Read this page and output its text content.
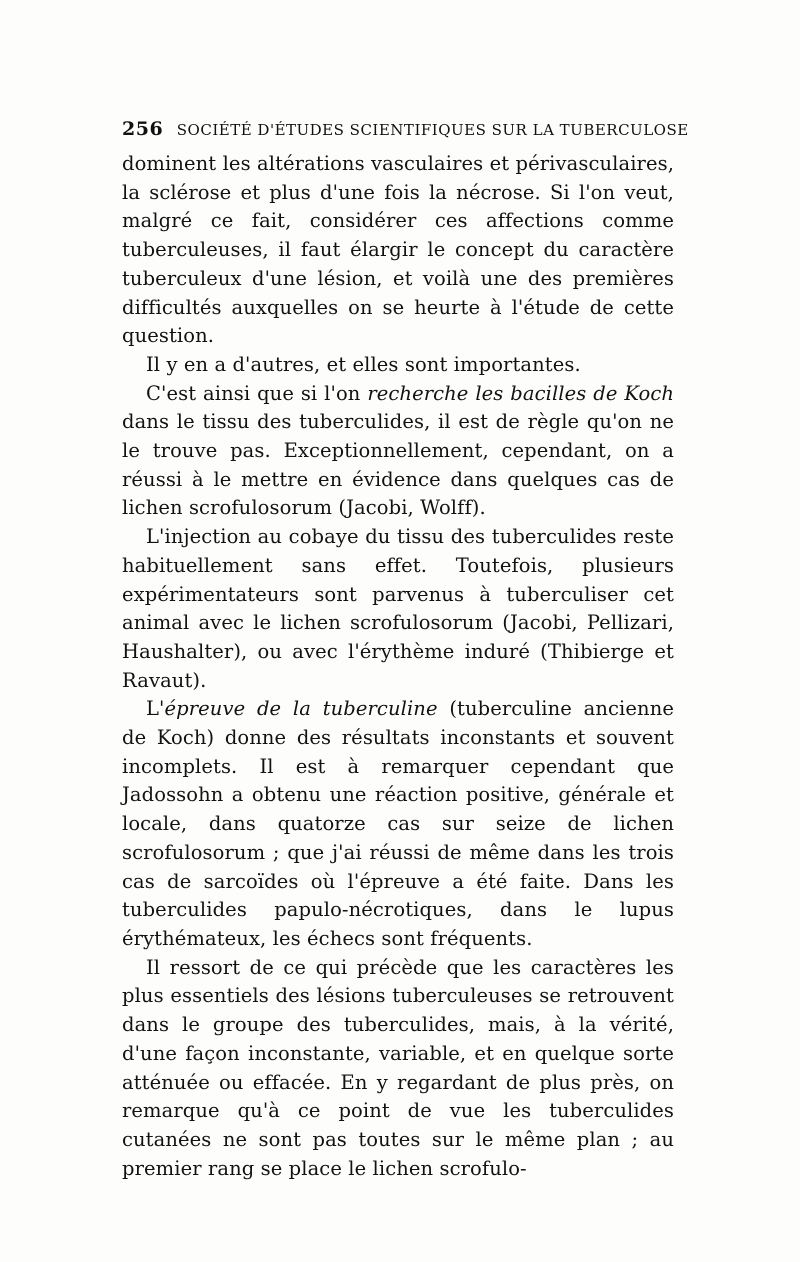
256 SOCIÉTÉ D'ÉTUDES SCIENTIFIQUES SUR LA TUBERCULOSE

dominent les altérations vasculaires et périvasculaires, la sclérose et plus d'une fois la nécrose. Si l'on veut, malgré ce fait, considérer ces affections comme tuberculeuses, il faut élargir le concept du caractère tuberculeux d'une lésion, et voilà une des premières difficultés auxquelles on se heurte à l'étude de cette question.

Il y en a d'autres, et elles sont importantes.

C'est ainsi que si l'on recherche les bacilles de Koch dans le tissu des tuberculides, il est de règle qu'on ne le trouve pas. Exceptionnellement, cependant, on a réussi à le mettre en évidence dans quelques cas de lichen scrofulosorum (Jacobi, Wolff).

L'injection au cobaye du tissu des tuberculides reste habituellement sans effet. Toutefois, plusieurs expérimentateurs sont parvenus à tuberculiser cet animal avec le lichen scrofulosorum (Jacobi, Pellizari, Haushalter), ou avec l'érythème induré (Thibierge et Ravaut).

L'épreuve de la tuberculine (tuberculine ancienne de Koch) donne des résultats inconstants et souvent incomplets. Il est à remarquer cependant que Jadossohn a obtenu une réaction positive, générale et locale, dans quatorze cas sur seize de lichen scrofulosorum ; que j'ai réussi de même dans les trois cas de sarcoïdes où l'épreuve a été faite. Dans les tuberculides papulo-nécrotiques, dans le lupus érythémateux, les échecs sont fréquents.

Il ressort de ce qui précède que les caractères les plus essentiels des lésions tuberculeuses se retrouvent dans le groupe des tuberculides, mais, à la vérité, d'une façon inconstante, variable, et en quelque sorte atténuée ou effacée. En y regardant de plus près, on remarque qu'à ce point de vue les tuberculides cutanées ne sont pas toutes sur le même plan ; au premier rang se place le lichen scrofulo-
